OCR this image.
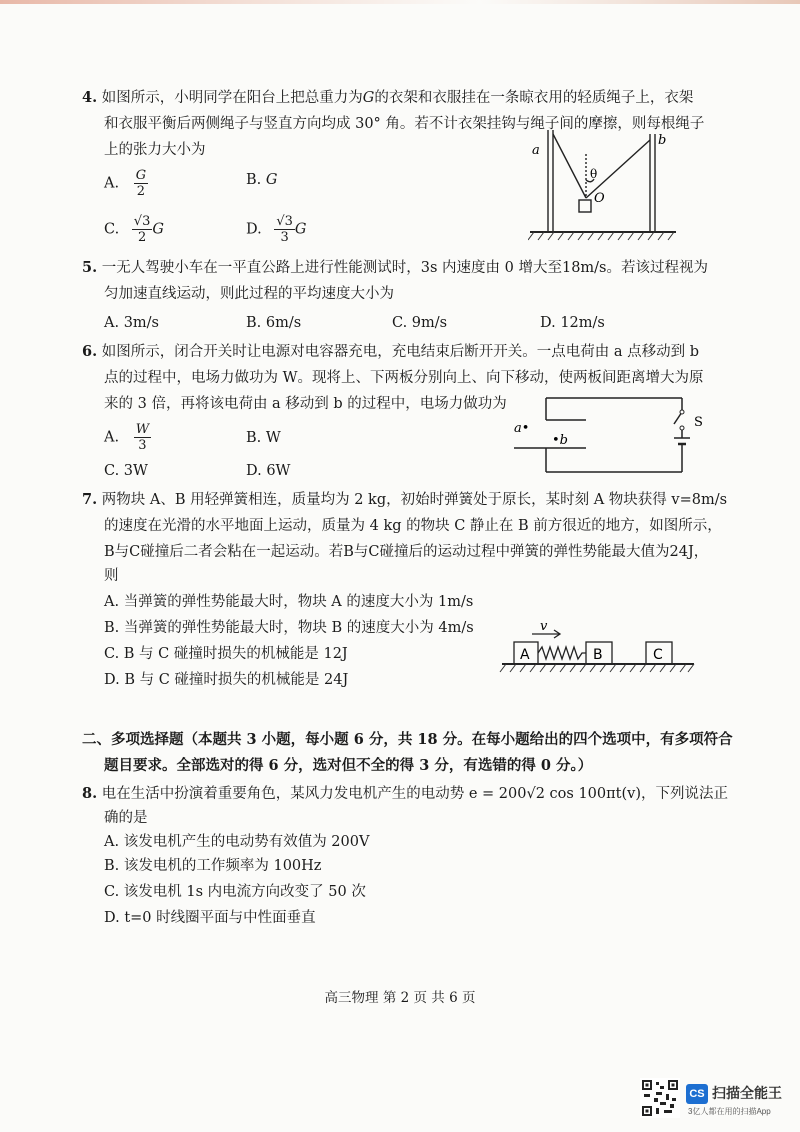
4. 如图所示，小明同学在阳台上把总重力为G的衣架和衣服挂在一条晾衣用的轻质绳子上，衣架
和衣服平衡后两侧绳子与竖直方向均成 30° 角。若不计衣架挂钩与绳子间的摩擦，则每根绳子
上的张力大小为
A. $\frac{G}{2}$	B. G
C. $\frac{√3}{2}$ G	D. $\frac{√3}{3}$ G
a
b
θ
O
5. 一无人驾驶小车在一平直公路上进行性能测试时，3s 内速度由 0 增大至18m/s。若该过程视为
匀加速直线运动，则此过程的平均速度大小为
A. 3m/s	B. 6m/s	C. 9m/s	D. 12m/s
6. 如图所示，闭合开关时让电源对电容器充电，充电结束后断开开关。一点电荷由 a 点移动到 b
点的过程中，电场力做功为 W。现将上、下两板分别向上、向下移动，使两板间距离增大为原
来的 3 倍，再将该电荷由 a 移动到 b 的过程中，电场力做功为
A. $\frac{W}{3}$	B. W
C. 3W	D. 6W
a•
•b
S
7. 两物块 A、B 用轻弹簧相连，质量均为 2 kg，初始时弹簧处于原长，某时刻 A 物块获得 v=8m/s
的速度在光滑的水平地面上运动，质量为 4 kg 的物块 C 静止在 B 前方很近的地方，如图所示，
B与C碰撞后二者会粘在一起运动。若B与C碰撞后的运动过程中弹簧的弹性势能最大值为24J，
则
A. 当弹簧的弹性势能最大时，物块 A 的速度大小为 1m/s
B. 当弹簧的弹性势能最大时，物块 B 的速度大小为 4m/s
C. B 与 C 碰撞时损失的机械能是 12J
D. B 与 C 碰撞时损失的机械能是 24J
v
A	B	C
二、多项选择题（本题共 3 小题，每小题 6 分，共 18 分。在每小题给出的四个选项中，有多项符合
题目要求。全部选对的得 6 分，选对但不全的得 3 分，有选错的得 0 分。）
8. 电在生活中扮演着重要角色，某风力发电机产生的电动势 e = 200√2 cos 100πt(v)，下列说法正
确的是
A. 该发电机产生的电动势有效值为 200V
B. 该发电机的工作频率为 100Hz
C. 该发电机 1s 内电流方向改变了 50 次
D. t=0 时线圈平面与中性面垂直
高三物理 第 2 页 共 6 页
CS 扫描全能王
3亿人都在用的扫描App
